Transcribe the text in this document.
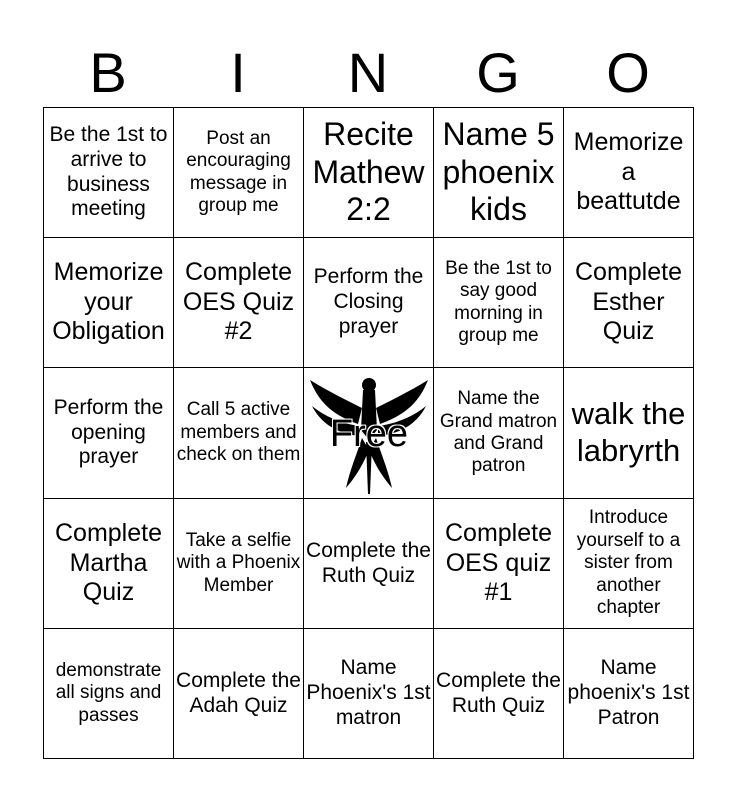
B	I	N	G	O
Be the 1st to arrive to business meeting	Post an encouraging message in group me	Recite Mathew 2:2	Name 5 phoenix kids	Memorize a beattutde

Memorize your Obligation	Complete OES Quiz #2	Perform the Closing prayer	Be the 1st to say good morning in group me	Complete Esther Quiz

Perform the opening prayer	Call 5 active members and check on them	Free	Name the Grand matron and Grand patron	walk the labryrth

Complete Martha Quiz	Take a selfie with a Phoenix Member	Complete the Ruth Quiz	Complete OES quiz #1	Introduce yourself to a sister from another chapter

demonstrate all signs and passes	Complete the Adah Quiz	Name Phoenix's 1st matron	Complete the Ruth Quiz	Name phoenix's 1st Patron
